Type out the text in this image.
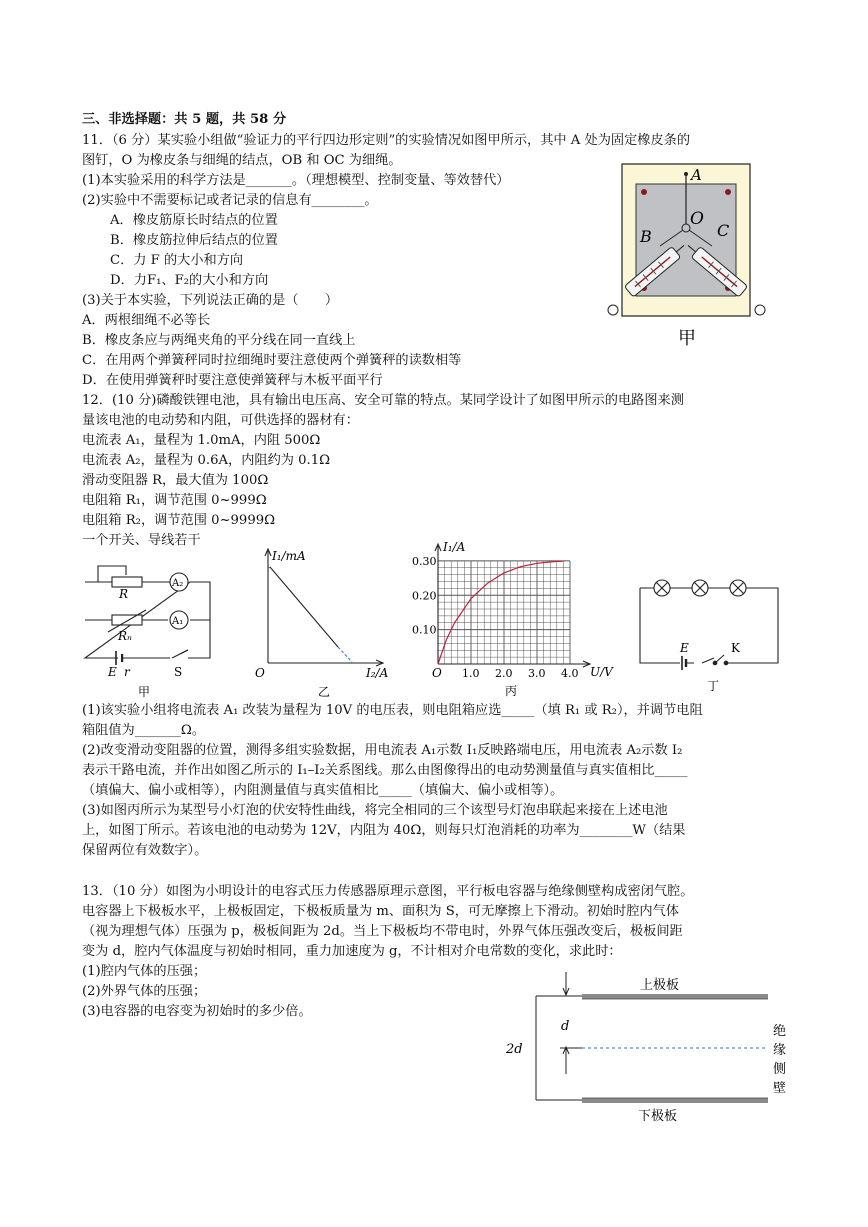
三、非选择题：共 5 题，共 58 分
11．（6 分）某实验小组做“验证力的平行四边形定则”的实验情况如图甲所示，其中 A 处为固定橡皮条的
图钉，O 为橡皮条与细绳的结点，OB 和 OC 为细绳。
(1)本实验采用的科学方法是_______。（理想模型、控制变量、等效替代）
(2)实验中不需要标记或者记录的信息有________。
A．橡皮筋原长时结点的位置
B．橡皮筋拉伸后结点的位置
C．力 F 的大小和方向
D．力F₁、F₂的大小和方向
(3)关于本实验，下列说法正确的是（　　）
A．两根细绳不必等长
B．橡皮条应与两绳夹角的平分线在同一直线上
C．在用两个弹簧秤同时拉细绳时要注意使两个弹簧秤的读数相等
D．在使用弹簧秤时要注意使弹簧秤与木板平面平行
A
O
B	C
甲
12．(10 分)磷酸铁锂电池，具有输出电压高、安全可靠的特点。某同学设计了如图甲所示的电路图来测
量该电池的电动势和内阻，可供选择的器材有：
电流表 A₁，量程为 1.0mA，内阻 500Ω
电流表 A₂，量程为 0.6A，内阻约为 0.1Ω
滑动变阻器 R，最大值为 100Ω
电阻箱 R₁，调节范围 0~999Ω
电阻箱 R₂，调节范围 0~9999Ω
一个开关、导线若干
R
Rₙ
A₂
A₁
E r	S
甲
I₁/mA
I₂/A
O
乙
1.0 2.0 3.0 4.0
0.10
0.20
0.30
I₁/A
U/V
O
丙
E	K
丁
(1)该实验小组将电流表 A₁ 改装为量程为 10V 的电压表，则电阻箱应选_____（填 R₁ 或 R₂），并调节电阻
箱阻值为_______Ω。
(2)改变滑动变阻器的位置，测得多组实验数据，用电流表 A₁示数 I₁反映路端电压，用电流表 A₂示数 I₂
表示干路电流，并作出如图乙所示的 I₁–I₂关系图线。那么由图像得出的电动势测量值与真实值相比_____
（填偏大、偏小或相等），内阻测量值与真实值相比_____（填偏大、偏小或相等）。
(3)如图丙所示为某型号小灯泡的伏安特性曲线，将完全相同的三个该型号灯泡串联起来接在上述电池
上，如图丁所示。若该电池的电动势为 12V，内阻为 40Ω，则每只灯泡消耗的功率为________W（结果
保留两位有效数字）。
13．（10 分）如图为小明设计的电容式压力传感器原理示意图，平行板电容器与绝缘侧壁构成密闭气腔。
电容器上下极板水平，上极板固定，下极板质量为 m、面积为 S，可无摩擦上下滑动。初始时腔内气体
（视为理想气体）压强为 p，极板间距为 2d。当上下极板均不带电时，外界气体压强改变后，极板间距
变为 d，腔内气体温度与初始时相同，重力加速度为 g，不计相对介电常数的变化，求此时：
(1)腔内气体的压强；
(2)外界气体的压强；
(3)电容器的电容变为初始时的多少倍。
上极板
下极板
d
2d
绝
缘
侧
壁
